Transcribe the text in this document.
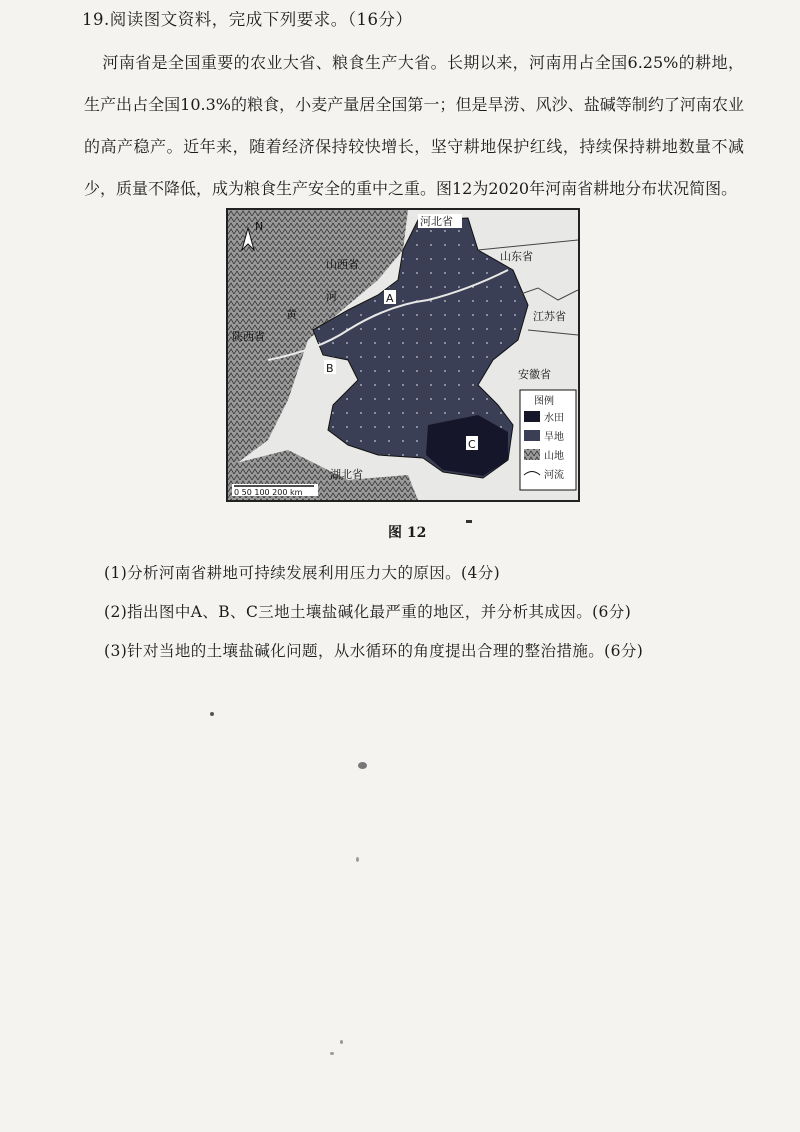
19.阅读图文资料，完成下列要求。（16分）
河南省是全国重要的农业大省、粮食生产大省。长期以来，河南用占全国6.25%的耕地，生产出占全国10.3%的粮食，小麦产量居全国第一；但是旱涝、风沙、盐碱等制约了河南农业的高产稳产。近年来，随着经济保持较快增长，坚守耕地保护红线，持续保持耕地数量不减少，质量不降低，成为粮食生产安全的重中之重。图12为2020年河南省耕地分布状况简图。
N	河北省
山西省
山东省
江苏省
陕西省
安徽省
湖北省
黄
河	A
B
C
图例
水田
旱地
山地
河流
0 50 100 200 km
图 12
(1)分析河南省耕地可持续发展利用压力大的原因。(4分)
(2)指出图中A、B、C三地土壤盐碱化最严重的地区，并分析其成因。(6分)
(3)针对当地的土壤盐碱化问题，从水循环的角度提出合理的整治措施。(6分)
